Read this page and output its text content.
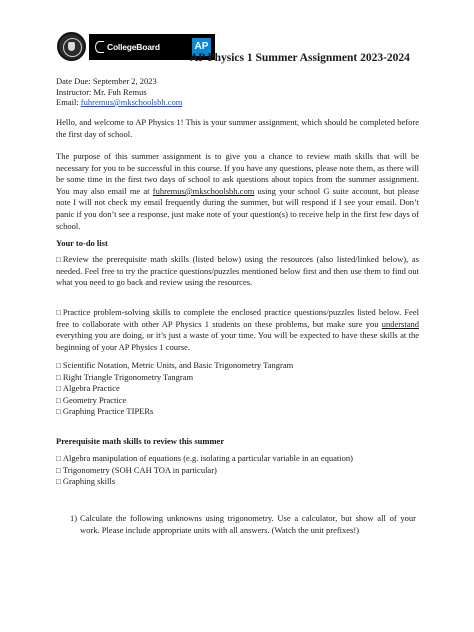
CollegeBoard	AP
AP Physics 1 Summer Assignment 2023-2024
Date Due: September 2, 2023
Instructor: Mr. Fuh Remus
Email: fuhremus@mkschoolsbh.com

Hello, and welcome to AP Physics 1! This is your summer assignment, which should be completed before the first day of school.

The purpose of this summer assignment is to give you a chance to review math skills that will be necessary for you to be successful in this course. If you have any questions, please note them, as there will be some time in the first two days of school to ask questions about topics from the summer assignment. You may also email me at fuhremus@mkschoolsbh.com using your school G suite account, but please note I will not check my email frequently during the summer, but will respond if I see your email. Don’t panic if you don’t see a response, just make note of your question(s) to receive help in the first few days of school.

Your to-do list

□ Review the prerequisite math skills (listed below) using the resources (also listed/linked below), as needed. Feel free to try the practice questions/puzzles mentioned below first and then use them to find out what you need to go back and review using the resources.

□ Practice problem-solving skills to complete the enclosed practice questions/puzzles listed below. Feel free to collaborate with other AP Physics 1 students on these problems, but make sure you understand everything you are doing, or it’s just a waste of your time. You will be expected to have these skills at the beginning of your AP Physics 1 course.

□ Scientific Notation, Metric Units, and Basic Trigonometry Tangram
□ Right Triangle Trigonometry Tangram
□ Algebra Practice
□ Geometry Practice
□ Graphing Practice TIPERs

Prerequisite math skills to review this summer

□ Algebra manipulation of equations (e.g. isolating a particular variable in an equation)
□ Trigonometry (SOH CAH TOA in particular)
□ Graphing skills
1) Calculate the following unknowns using trigonometry. Use a calculator, but show all of your work. Please include appropriate units with all answers. (Watch the unit prefixes!)
